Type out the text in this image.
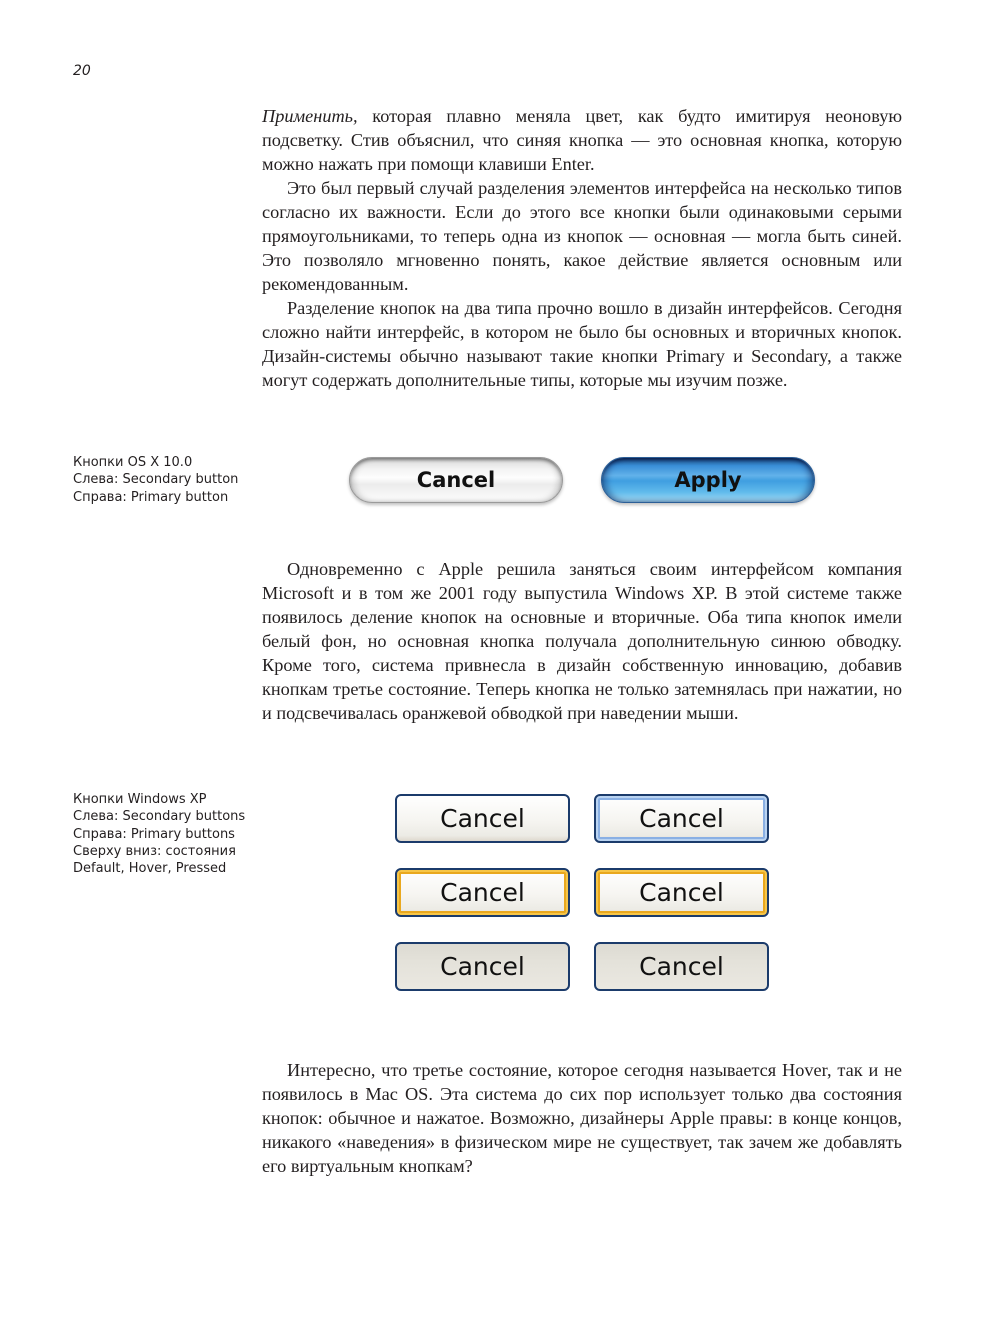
20

Применить, которая плавно меняла цвет, как будто имитируя неоновую подсветку. Стив объяснил, что синяя кнопка — это основная кнопка, которую можно нажать при помощи клавиши Enter.

Это был первый случай разделения элементов интерфейса на несколько типов согласно их важности. Если до этого все кнопки были одинаковыми серыми прямоугольниками, то теперь одна из кнопок — основная — могла быть синей. Это позволяло мгновенно понять, какое действие является основным или рекомендованным.

Разделение кнопок на два типа прочно вошло в дизайн интерфейсов. Сегодня сложно найти интерфейс, в котором не было бы основных и вторичных кнопок. Дизайн-системы обычно называют такие кнопки Primary и Secondary, а также могут содержать дополнительные типы, которые мы изучим позже.

Кнопки OS X 10.0
Слева: Secondary button
Справа: Primary button
Cancel	Apply

Одновременно с Apple решила заняться своим интерфейсом компания Microsoft и в том же 2001 году выпустила Windows XP. В этой системе также появилось деление кнопок на основные и вторичные. Оба типа кнопок имели белый фон, но основная кнопка получала дополнительную синюю обводку. Кроме того, система привнесла в дизайн собственную инновацию, добавив кнопкам третье состояние. Теперь кнопка не только затемнялась при нажатии, но и подсвечивалась оранжевой обводкой при наведении мыши.

Кнопки Windows XP
Слева: Secondary buttons
Справа: Primary buttons
Сверху вниз: состояния
Default, Hover, Pressed
Cancel	Cancel
Cancel	Cancel
Cancel	Cancel

Интересно, что третье состояние, которое сегодня называется Hover, так и не появилось в Mac OS. Эта система до сих пор использует только два состояния кнопок: обычное и нажатое. Возможно, дизайнеры Apple правы: в конце концов, никакого «наведения» в физическом мире не существует, так зачем же добавлять его виртуальным кнопкам?
